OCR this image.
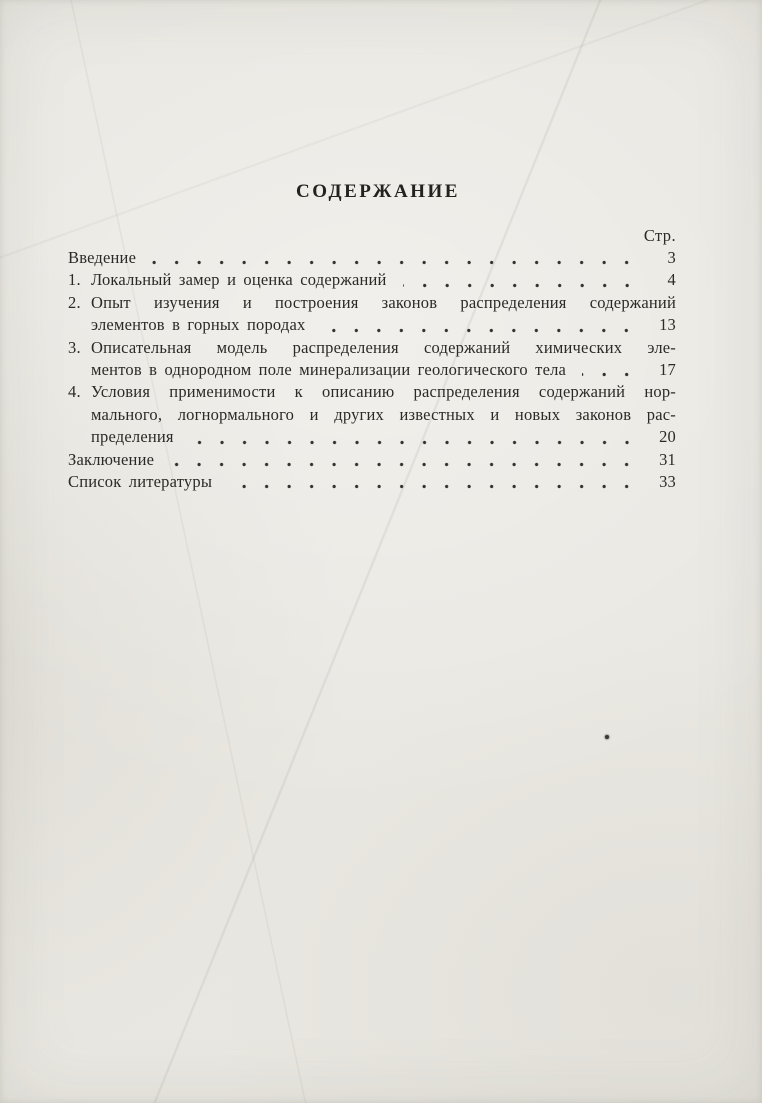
СОДЕРЖАНИЕ
Стр.
Введение	3
1. Локальный замер и оценка содержаний	4
2. Опыт изучения и построения законов распределения содержаний
элементов в горных породах	13
3. Описательная модель распределения содержаний химических эле-
ментов в однородном поле минерализации геологического тела	17
4. Условия применимости к описанию распределения содержаний нор-
мального, логнормального и других известных и новых законов рас-
пределения	20
Заключение	31
Список литературы	33
